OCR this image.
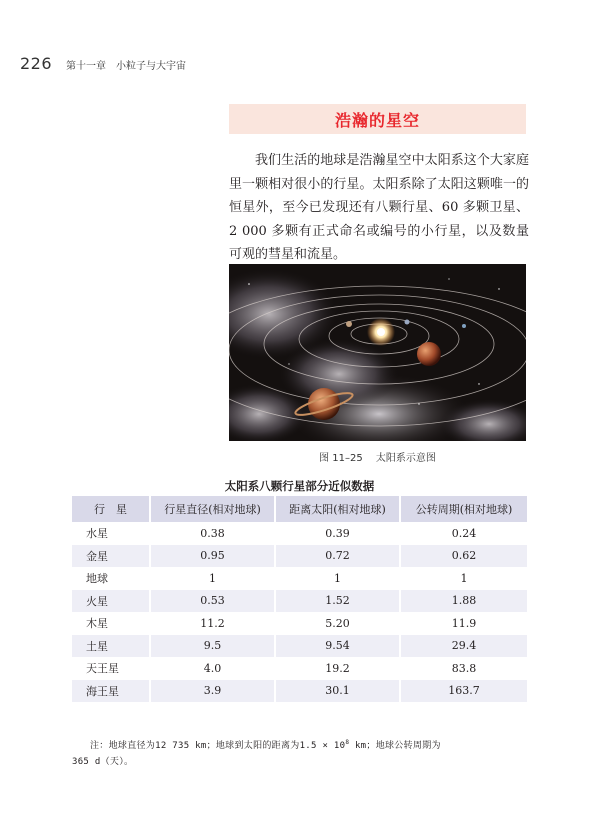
226 第十一章　小粒子与大宇宙
浩瀚的星空

我们生活的地球是浩瀚星空中太阳系这个大家庭里一颗相对很小的行星。太阳系除了太阳这颗唯一的恒星外，至今已发现还有八颗行星、60 多颗卫星、2 000 多颗有正式命名或编号的小行星，以及数量可观的彗星和流星。

图 11–25 太阳系示意图
太阳系八颗行星部分近似数据
行　星	行星直径(相对地球)	距离太阳(相对地球)	公转周期(相对地球)
水星	0.38	0.39	0.24
金星	0.95	0.72	0.62
地球	1	1	1
火星	0.53	1.52	1.88
木星	11.2	5.20	11.9
土星	9.5	9.54	29.4
天王星	4.0	19.2	83.8
海王星	3.9	30.1	163.7

注：地球直径为12 735 km；地球到太阳的距离为$1.5 \times 10^8$ km；地球公转周期为
365 d（天）。
